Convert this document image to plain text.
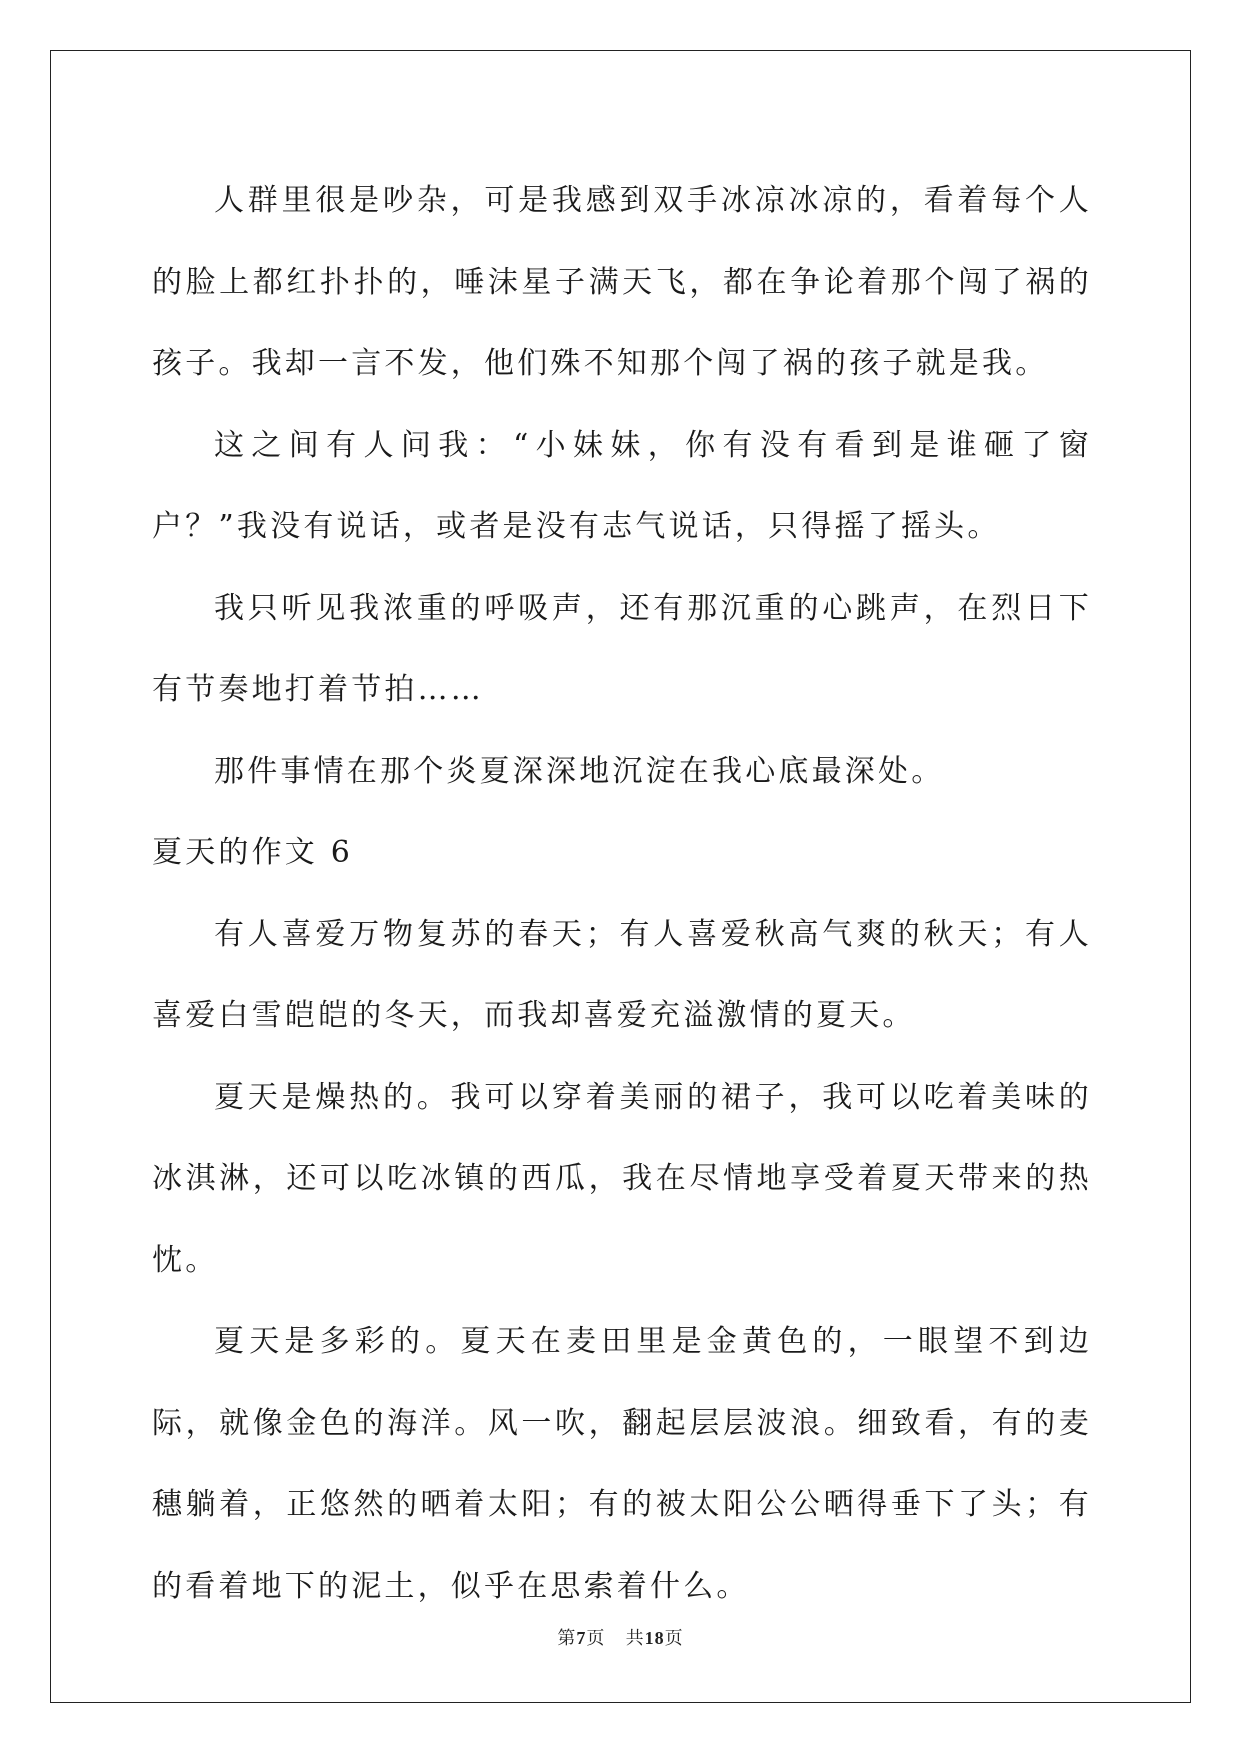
人群里很是吵杂，可是我感到双手冰凉冰凉的，看着每个人的脸上都红扑扑的，唾沫星子满天飞，都在争论着那个闯了祸的孩子。我却一言不发，他们殊不知那个闯了祸的孩子就是我。

这之间有人问我：“小妹妹，你有没有看到是谁砸了窗户？”我没有说话，或者是没有志气说话，只得摇了摇头。

我只听见我浓重的呼吸声，还有那沉重的心跳声，在烈日下有节奏地打着节拍……

那件事情在那个炎夏深深地沉淀在我心底最深处。

夏天的作文 6

有人喜爱万物复苏的春天；有人喜爱秋高气爽的秋天；有人喜爱白雪皑皑的冬天，而我却喜爱充溢激情的夏天。

夏天是燥热的。我可以穿着美丽的裙子，我可以吃着美味的冰淇淋，还可以吃冰镇的西瓜，我在尽情地享受着夏天带来的热忱。

夏天是多彩的。夏天在麦田里是金黄色的，一眼望不到边际，就像金色的海洋。风一吹，翻起层层波浪。细致看，有的麦穗躺着，正悠然的晒着太阳；有的被太阳公公晒得垂下了头；有的看着地下的泥土，似乎在思索着什么。

第7页 共18页
